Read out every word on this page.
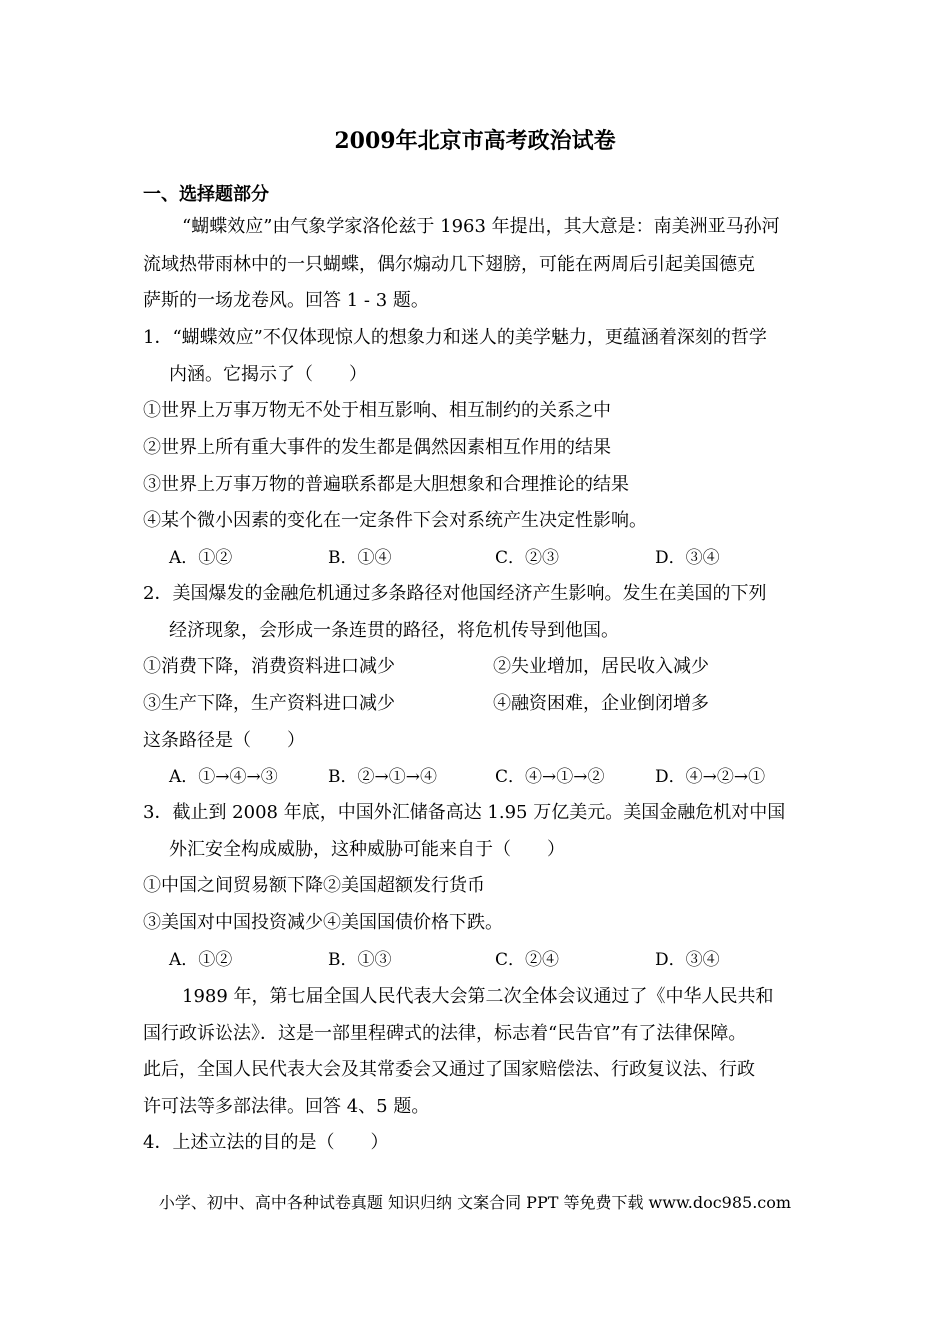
2009年北京市高考政治试卷
一、选择题部分
“蝴蝶效应”由气象学家洛伦兹于 1963 年提出，其大意是：南美洲亚马孙河
流域热带雨林中的一只蝴蝶，偶尔煽动几下翅膀，可能在两周后引起美国德克
萨斯的一场龙卷风。回答 1 - 3 题。
1．“蝴蝶效应”不仅体现惊人的想象力和迷人的美学魅力，更蕴涵着深刻的哲学
内涵。它揭示了（　　）
①世界上万事万物无不处于相互影响、相互制约的关系之中
②世界上所有重大事件的发生都是偶然因素相互作用的结果
③世界上万事万物的普遍联系都是大胆想象和合理推论的结果
④某个微小因素的变化在一定条件下会对系统产生决定性影响。
A．①②	B．①④	C．②③	D．③④
2．美国爆发的金融危机通过多条路径对他国经济产生影响。发生在美国的下列
经济现象，会形成一条连贯的路径，将危机传导到他国。
①消费下降，消费资料进口减少	②失业增加，居民收入减少
③生产下降，生产资料进口减少	④融资困难，企业倒闭增多
这条路径是（　　）
A．①→④→③	B．②→①→④	C．④→①→②	D．④→②→①
3．截止到 2008 年底，中国外汇储备高达 1.95 万亿美元。美国金融危机对中国
外汇安全构成威胁，这种威胁可能来自于（　　）
①中国之间贸易额下降②美国超额发行货币
③美国对中国投资减少④美国国债价格下跌。
A．①②	B．①③	C．②④	D．③④
1989 年，第七届全国人民代表大会第二次全体会议通过了《中华人民共和
国行政诉讼法》．这是一部里程碑式的法律，标志着“民告官”有了法律保障。
此后，全国人民代表大会及其常委会又通过了国家赔偿法、行政复议法、行政
许可法等多部法律。回答 4、5 题。
4．上述立法的目的是（　　）
小学、初中、高中各种试卷真题 知识归纳 文案合同 PPT 等免费下载 www.doc985.com
